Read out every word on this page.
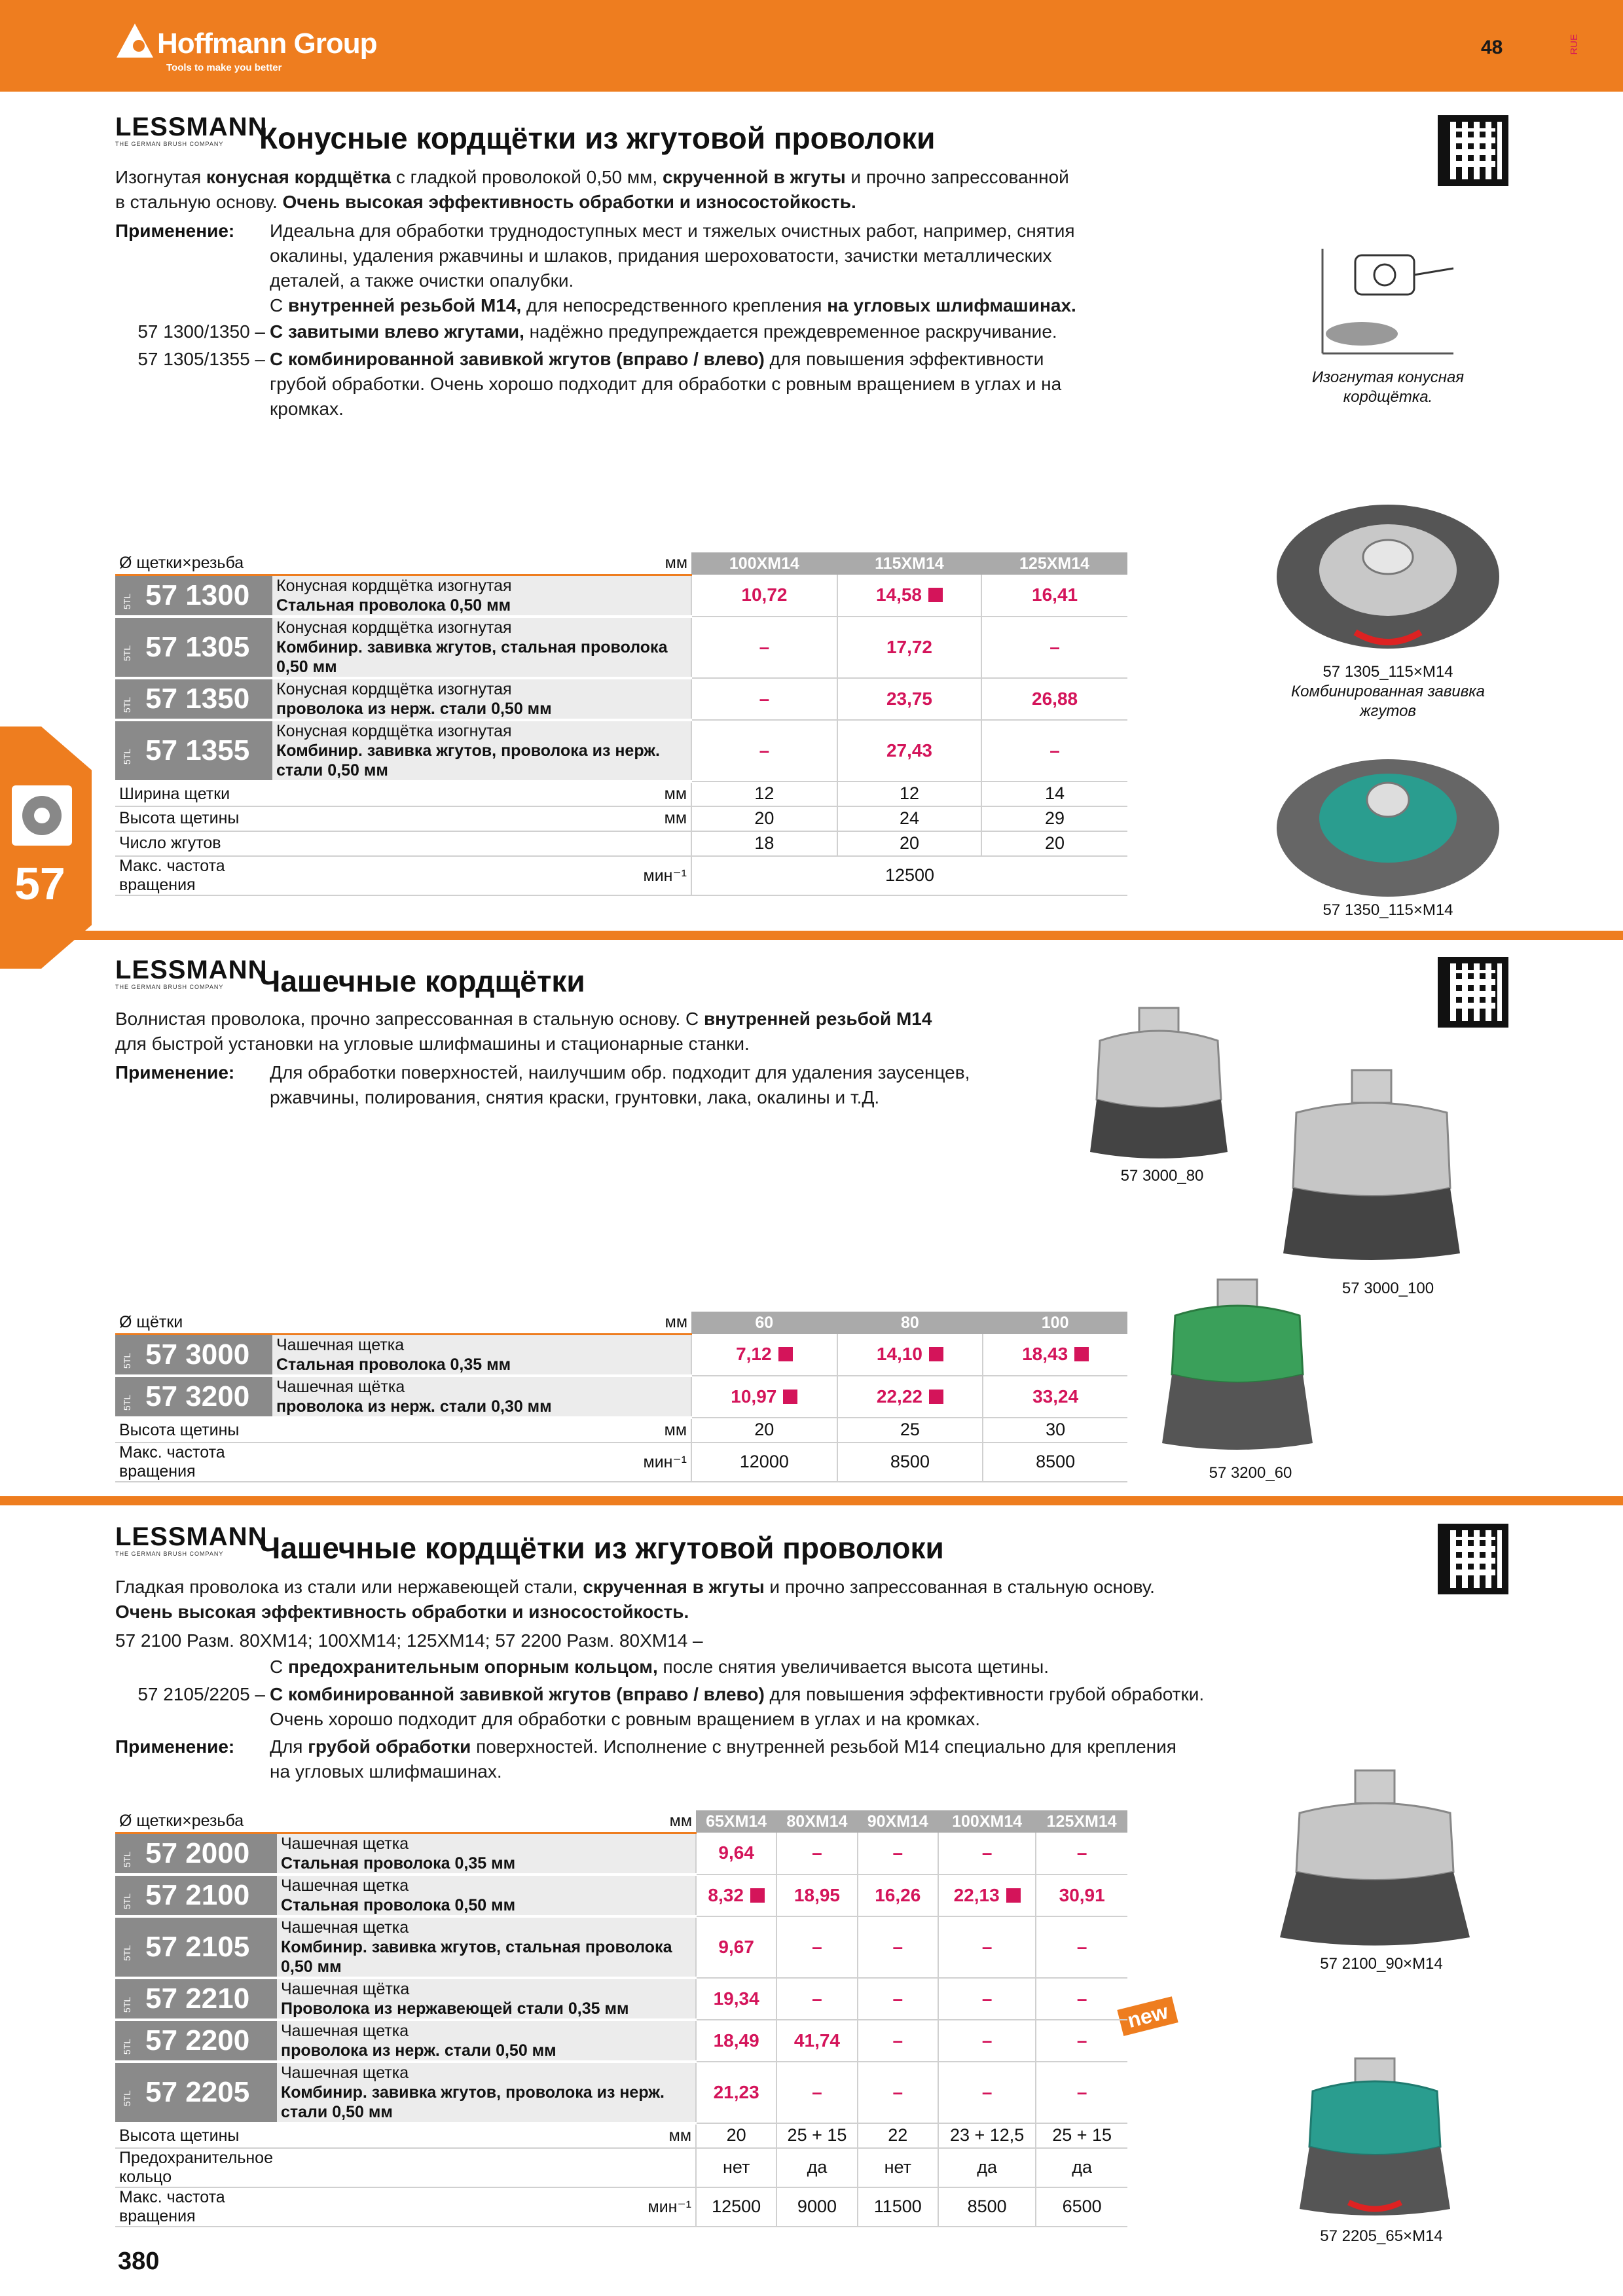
Hoffmann Group
Tools to make you better
48	RUE
57
LESSMANN
THE GERMAN BRUSH COMPANY	Конусные кордщётки из жгутовой проволоки
Изогнутая конусная кордщётка с гладкой проволокой 0,50 мм, скрученной в жгуты и прочно запрессованной
в стальную основу. Очень высокая эффективность обработки и износостойкость.
Применение: Идеальна для обработки труднодоступных мест и тяжелых очистных работ, например, снятия
окалины, удаления ржавчины и шлаков, придания шероховатости, зачистки металлических
деталей, а также очистки опалубки.
С внутренней резьбой М14, для непосредственного крепления на угловых шлифмашинах.
57 1300/1350 – С завитыми влево жгутами, надёжно предупреждается преждевременное раскручивание.
57 1305/1355 – С комбинированной завивкой жгутов (вправо / влево) для повышения эффективности
грубой обработки. Очень хорошо подходит для обработки с ровным вращением в углах и на
кромках.
Изогнутая конусная
кордщётка.
57 1305_115×M14
Комбинированная завивка
жгутов
57 1350_115×M14
Ø щетки×резьба	мм	100XM14	115XM14	125XM14
5TL 57 1300	Конусная кордщётка изогнутая
Стальная проволока 0,50 мм	10,72	14,58	16,41
5TL 57 1305	Конусная кордщётка изогнутая
Комбинир. завивка жгутов, стальная проволока 0,50 мм	–	17,72	–
5TL 57 1350	Конусная кордщётка изогнутая
проволока из нерж. стали 0,50 мм	–	23,75	26,88
5TL 57 1355	Конусная кордщётка изогнутая
Комбинир. завивка жгутов, проволока из нерж. стали 0,50 мм	–	27,43	–
Ширина щетки	мм	12	12	14
Высота щетины	мм	20	24	29
Число жгутов		18	20	20
Макс. частота вращения	мин⁻¹	12500		
LESSMANN
THE GERMAN BRUSH COMPANY	Чашечные кордщётки
Волнистая проволока, прочно запрессованная в стальную основу. С внутренней резьбой М14
для быстрой установки на угловые шлифмашины и стационарные станки.
Применение: Для обработки поверхностей, наилучшим обр. подходит для удаления заусенцев,
ржавчины, полирования, снятия краски, грунтовки, лака, окалины и т.Д.
57 3000_80
57 3000_100
57 3200_60
Ø щётки	мм	60	80	100
5TL 57 3000	Чашечная щетка
Стальная проволока 0,35 мм	7,12	14,10	18,43
5TL 57 3200	Чашечная щётка
проволока из нерж. стали 0,30 мм	10,97	22,22	33,24
Высота щетины	мм	20	25	30
Макс. частота вращения	мин⁻¹	12000	8500	8500
LESSMANN
THE GERMAN BRUSH COMPANY	Чашечные кордщётки из жгутовой проволоки
Гладкая проволока из стали или нержавеющей стали, скрученная в жгуты и прочно запрессованная в стальную основу.
Очень высокая эффективность обработки и износостойкость.
57 2100 Разм. 80XM14; 100XM14; 125XM14; 57 2200 Разм. 80XM14 –
С предохранительным опорным кольцом, после снятия увеличивается высота щетины.
57 2105/2205 – С комбинированной завивкой жгутов (вправо / влево) для повышения эффективности грубой обработки.
Очень хорошо подходит для обработки с ровным вращением в углах и на кромках.
Применение: Для грубой обработки поверхностей. Исполнение с внутренней резьбой М14 специально для крепления
на угловых шлифмашинах.
57 2100_90×M14
57 2205_65×M14
new
Ø щетки×резьба	мм	65XM14	80XM14	90XM14	100XM14	125XM14
5TL 57 2000	Чашечная щетка
Стальная проволока 0,35 мм	9,64	–	–	–	–
5TL 57 2100	Чашечная щетка
Стальная проволока 0,50 мм	8,32	18,95	16,26	22,13	30,91
5TL 57 2105	Чашечная щетка
Комбинир. завивка жгутов, стальная проволока 0,50 мм	9,67	–	–	–	–
5TL 57 2210	Чашечная щётка
Проволока из нержавеющей стали 0,35 мм	19,34	–	–	–	–
5TL 57 2200	Чашечная щетка
проволока из нерж. стали 0,50 мм	18,49	41,74	–	–	–
5TL 57 2205	Чашечная щетка
Комбинир. завивка жгутов, проволока из нерж. стали 0,50 мм	21,23	–	–	–	–
Высота щетины	мм	20	25 + 15	22	23 + 12,5	25 + 15
Предохранительное кольцо		нет	да	нет	да	да
Макс. частота вращения	мин⁻¹	12500	9000	11500	8500	6500
380
